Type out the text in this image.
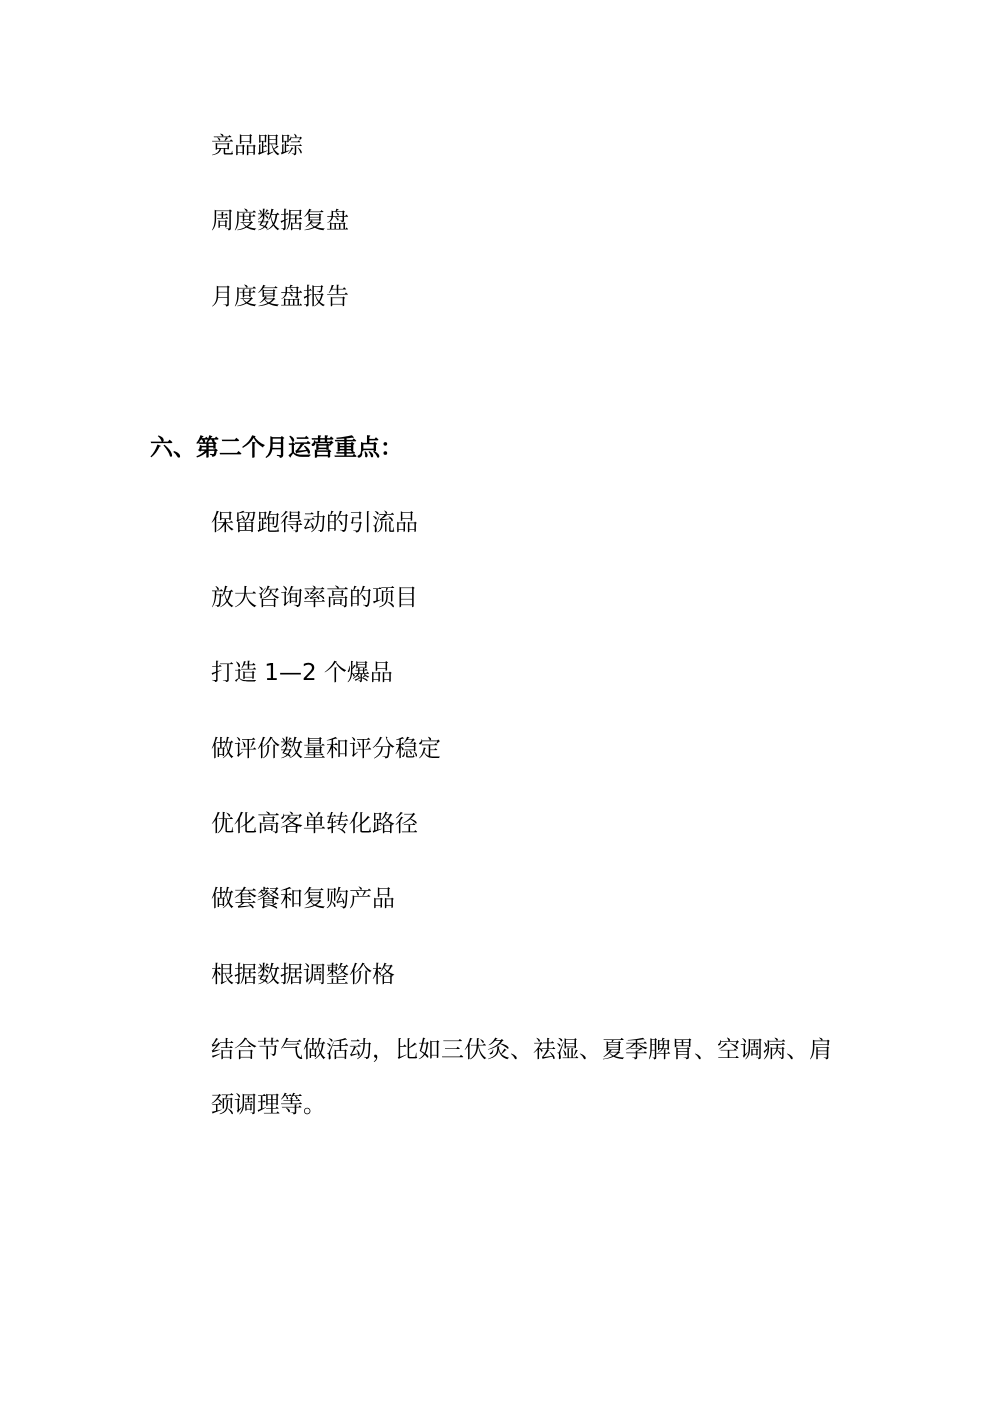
竞品跟踪
周度数据复盘
月度复盘报告
六、第二个月运营重点：
保留跑得动的引流品
放大咨询率高的项目
打造 1—2 个爆品
做评价数量和评分稳定
优化高客单转化路径
做套餐和复购产品
根据数据调整价格
结合节气做活动，比如三伏灸、祛湿、夏季脾胃、空调病、肩颈调理等。
